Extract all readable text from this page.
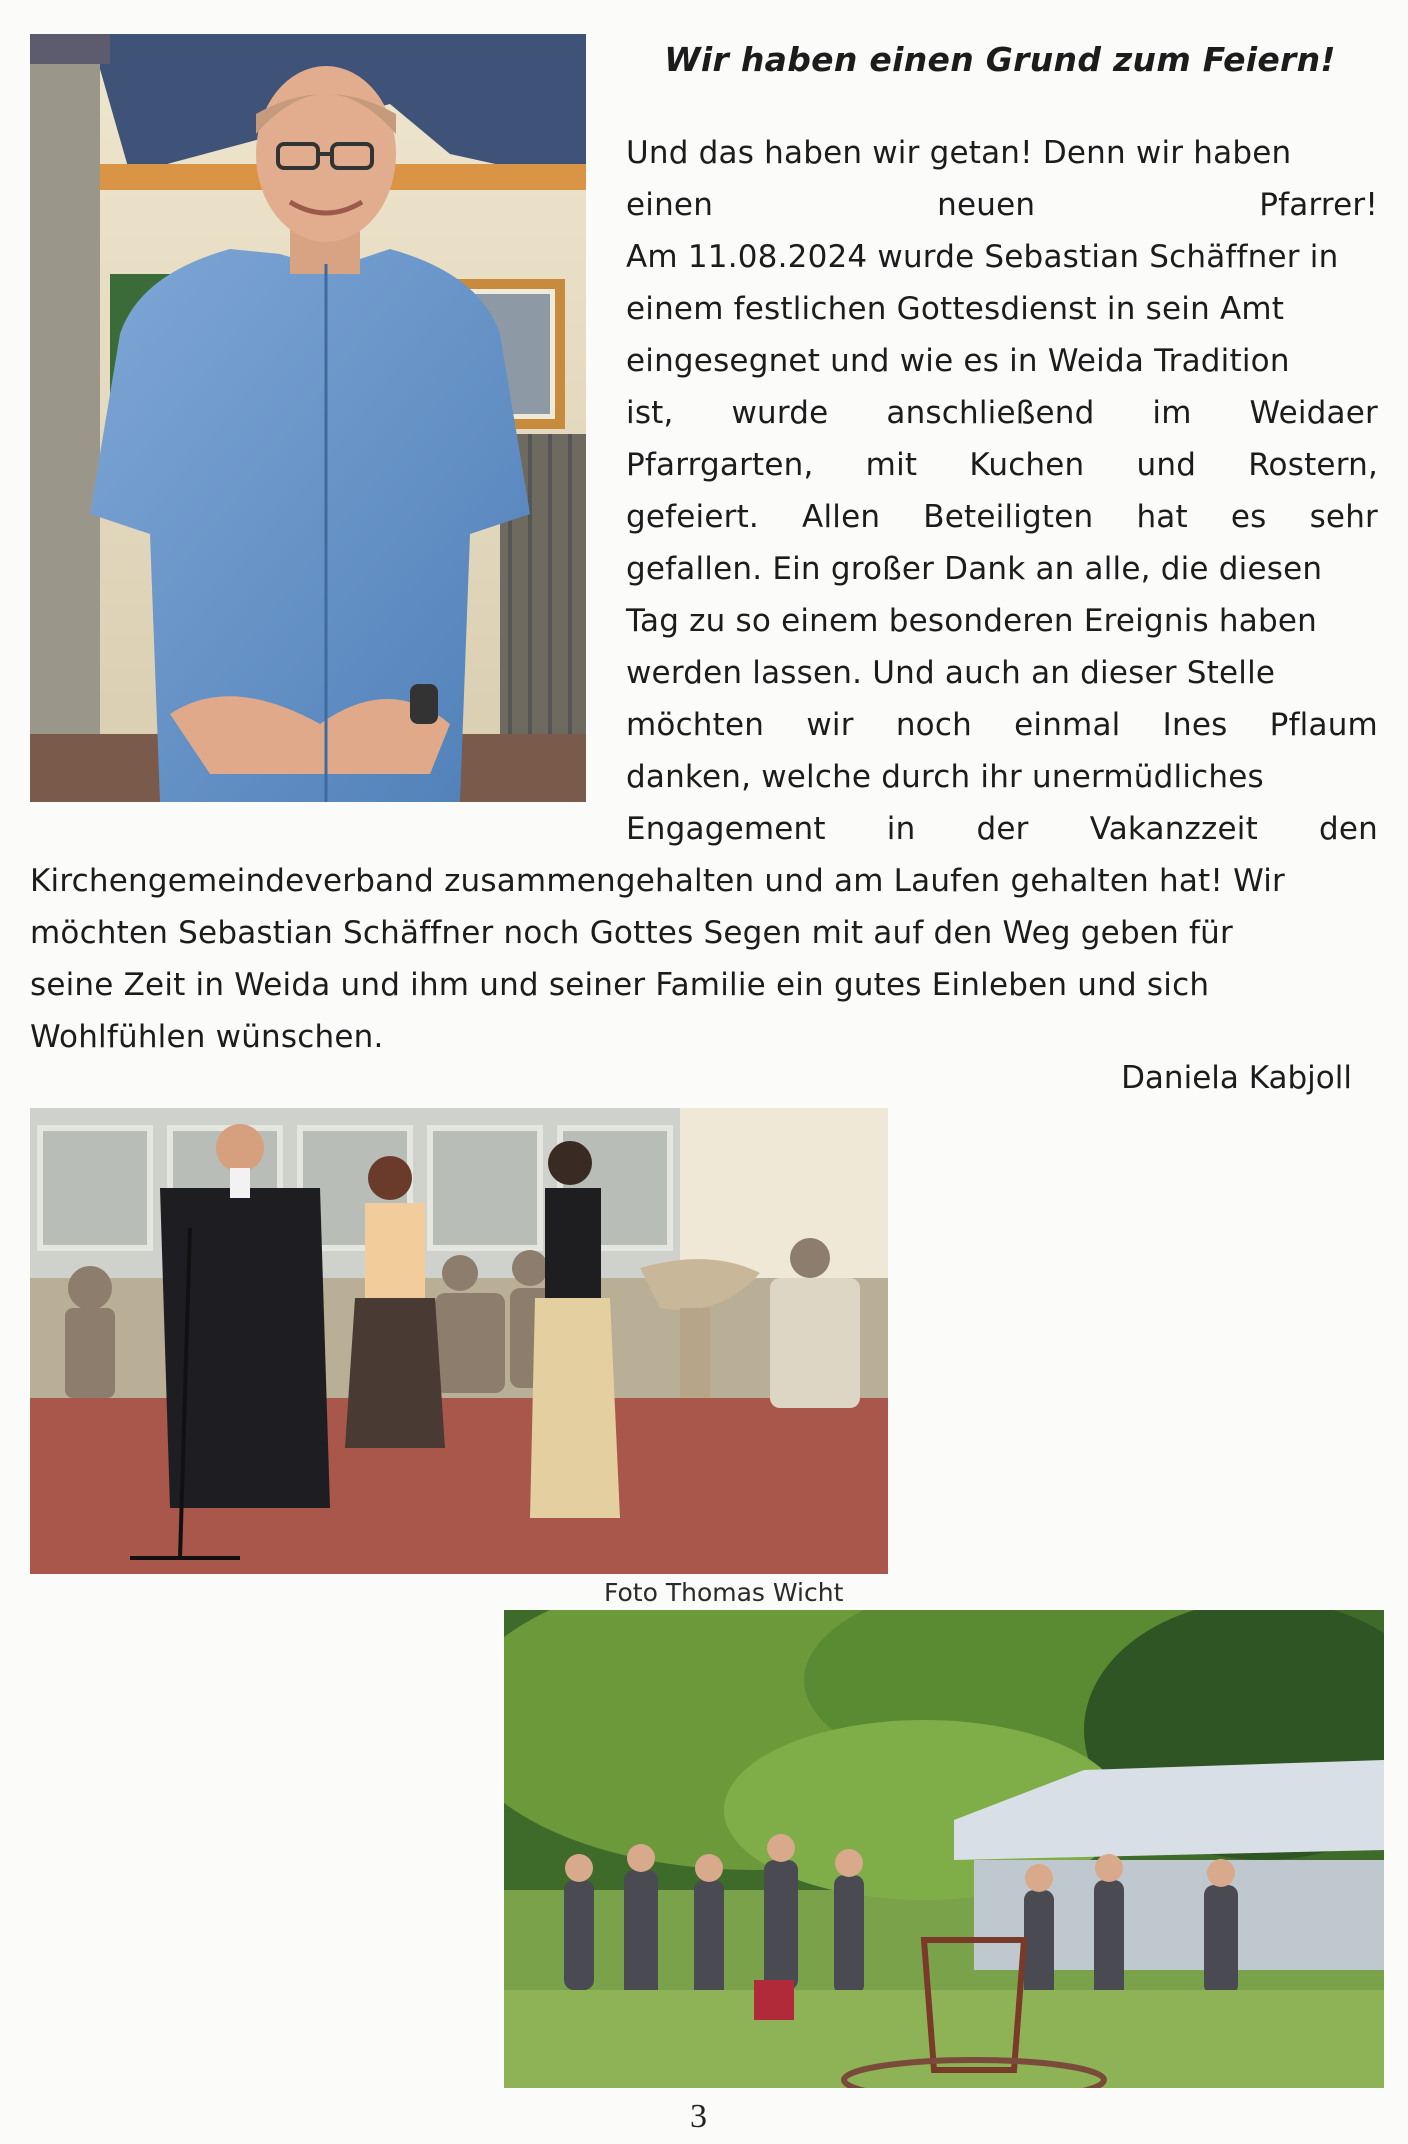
Wir haben einen Grund zum Feiern!
Und das haben wir getan! Denn wir haben
einen	neuen	Pfarrer!
Am 11.08.2024 wurde Sebastian Schäffner in
einem festlichen Gottesdienst in sein Amt
eingesegnet und wie es in Weida Tradition
ist, wurde anschließend im Weidaer
Pfarrgarten, mit Kuchen und Rostern,
gefeiert. Allen Beteiligten hat es sehr
gefallen. Ein großer Dank an alle, die diesen
Tag zu so einem besonderen Ereignis haben
werden lassen. Und auch an dieser Stelle
möchten wir noch einmal Ines Pflaum
danken, welche durch ihr unermüdliches
Engagement in der Vakanzzeit den
Kirchengemeindeverband zusammengehalten und am Laufen gehalten hat! Wir
möchten Sebastian Schäffner noch Gottes Segen mit auf den Weg geben für
seine Zeit in Weida und ihm und seiner Familie ein gutes Einleben und sich
Wohlfühlen wünschen.
Daniela Kabjoll
Foto Thomas Wicht
3
